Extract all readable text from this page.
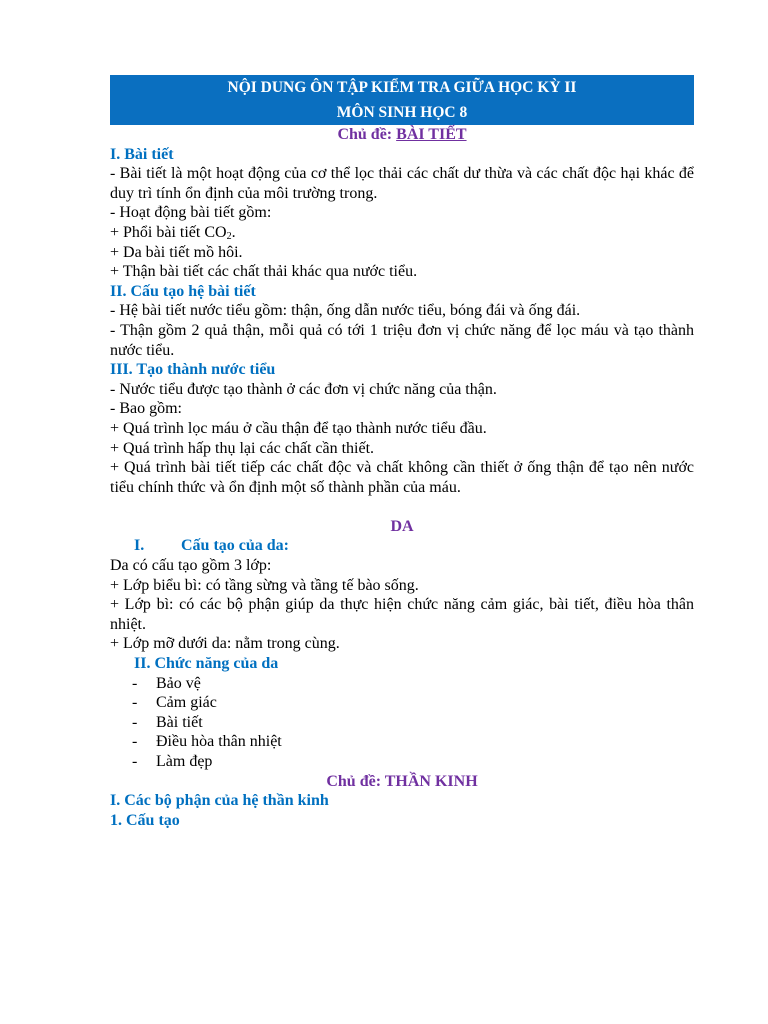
NỘI DUNG ÔN TẬP KIỂM TRA GIỮA HỌC KỲ II
MÔN SINH HỌC 8
Chủ đề: BÀI TIẾT
I. Bài tiết
- Bài tiết là một hoạt động của cơ thể lọc thải các chất dư thừa và các chất độc hại khác để duy trì tính ổn định của môi trường trong.
- Hoạt động bài tiết gồm:
+ Phổi bài tiết $CO_2$.
+ Da bài tiết mồ hôi.
+ Thận bài tiết các chất thải khác qua nước tiểu.
II. Cấu tạo hệ bài tiết
- Hệ bài tiết nước tiểu gồm: thận, ống dẫn nước tiểu, bóng đái và ống đái.
- Thận gồm 2 quả thận, mỗi quả có tới 1 triệu đơn vị chức năng để lọc máu và tạo thành nước tiểu.
III. Tạo thành nước tiểu
- Nước tiểu được tạo thành ở các đơn vị chức năng của thận.
- Bao gồm:
+ Quá trình lọc máu ở cầu thận để tạo thành nước tiểu đầu.
+ Quá trình hấp thụ lại các chất cần thiết.
+ Quá trình bài tiết tiếp các chất độc và chất không cần thiết ở ống thận để tạo nên nước tiểu chính thức và ổn định một số thành phần của máu.
DA
I.	Cấu tạo của da:
Da có cấu tạo gồm 3 lớp:
+ Lớp biểu bì: có tầng sừng và tầng tế bào sống.
+ Lớp bì: có các bộ phận giúp da thực hiện chức năng cảm giác, bài tiết, điều hòa thân nhiệt.
+ Lớp mỡ dưới da: nằm trong cùng.
II. Chức năng của da
-	Bảo vệ
-	Cảm giác
-	Bài tiết
-	Điều hòa thân nhiệt
-	Làm đẹp
Chủ đề: THẦN KINH
I. Các bộ phận của hệ thần kinh
1. Cấu tạo
